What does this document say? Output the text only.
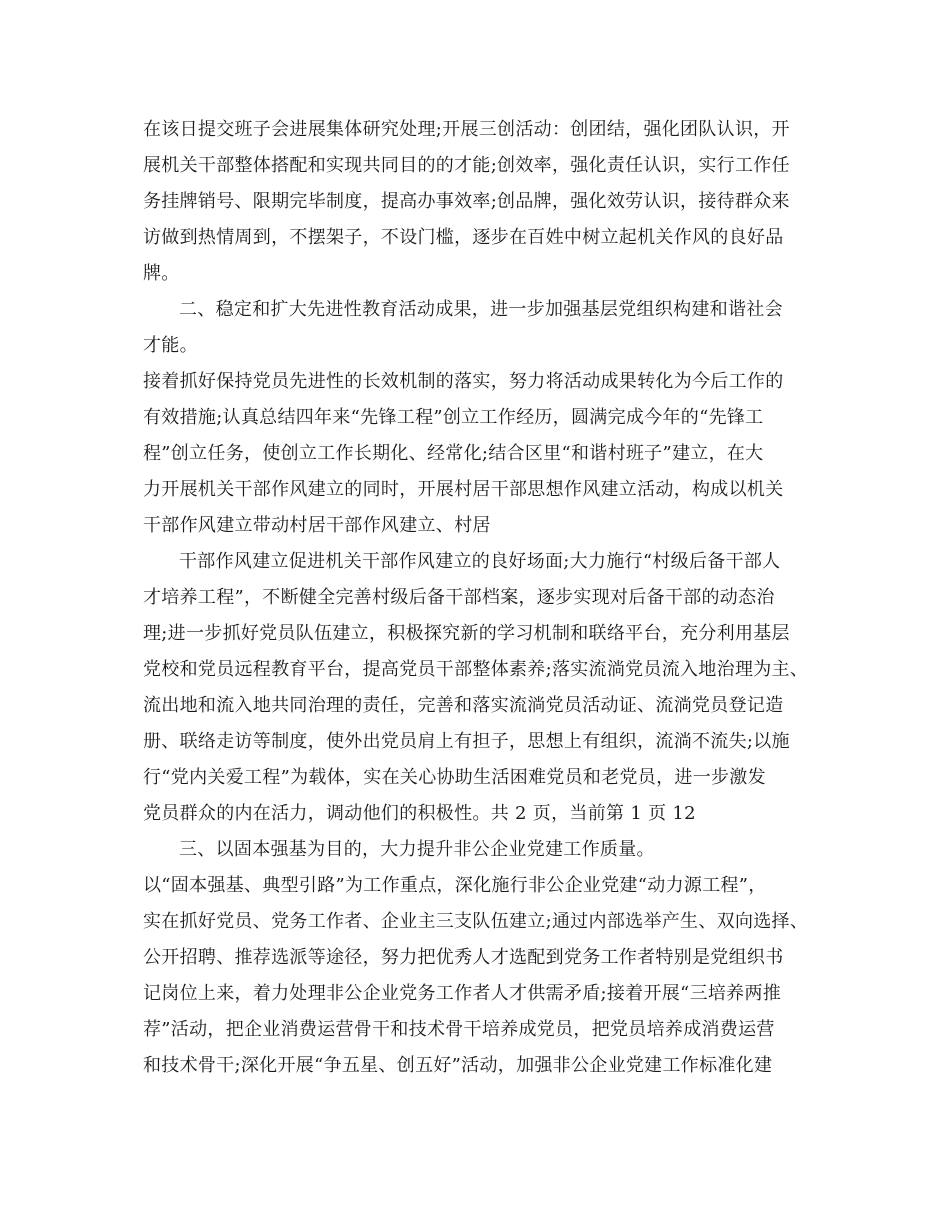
在该日提交班子会进展集体研究处理;开展三创活动：创团结，强化团队认识，开

展机关干部整体搭配和实现共同目的的才能;创效率，强化责任认识，实行工作任

务挂牌销号、限期完毕制度，提高办事效率;创品牌，强化效劳认识，接待群众来

访做到热情周到，不摆架子，不设门槛，逐步在百姓中树立起机关作风的良好品

牌。

二、稳定和扩大先进性教育活动成果，进一步加强基层党组织构建和谐社会

才能。

接着抓好保持党员先进性的长效机制的落实，努力将活动成果转化为今后工作的

有效措施;认真总结四年来“先锋工程”创立工作经历，圆满完成今年的“先锋工

程”创立任务，使创立工作长期化、经常化;结合区里“和谐村班子”建立，在大

力开展机关干部作风建立的同时，开展村居干部思想作风建立活动，构成以机关

干部作风建立带动村居干部作风建立、村居

干部作风建立促进机关干部作风建立的良好场面;大力施行“村级后备干部人

才培养工程”，不断健全完善村级后备干部档案，逐步实现对后备干部的动态治

理;进一步抓好党员队伍建立，积极探究新的学习机制和联络平台，充分利用基层

党校和党员远程教育平台，提高党员干部整体素养;落实流淌党员流入地治理为主、

流出地和流入地共同治理的责任，完善和落实流淌党员活动证、流淌党员登记造

册、联络走访等制度，使外出党员肩上有担子，思想上有组织，流淌不流失;以施

行“党内关爱工程”为载体，实在关心协助生活困难党员和老党员，进一步激发

党员群众的内在活力，调动他们的积极性。共 2 页，当前第 1 页 12

三、以固本强基为目的，大力提升非公企业党建工作质量。

以“固本强基、典型引路”为工作重点，深化施行非公企业党建“动力源工程”，

实在抓好党员、党务工作者、企业主三支队伍建立;通过内部选举产生、双向选择、

公开招聘、推荐选派等途径，努力把优秀人才选配到党务工作者特别是党组织书

记岗位上来，着力处理非公企业党务工作者人才供需矛盾;接着开展“三培养两推

荐”活动，把企业消费运营骨干和技术骨干培养成党员，把党员培养成消费运营

和技术骨干;深化开展“争五星、创五好”活动，加强非公企业党建工作标准化建
